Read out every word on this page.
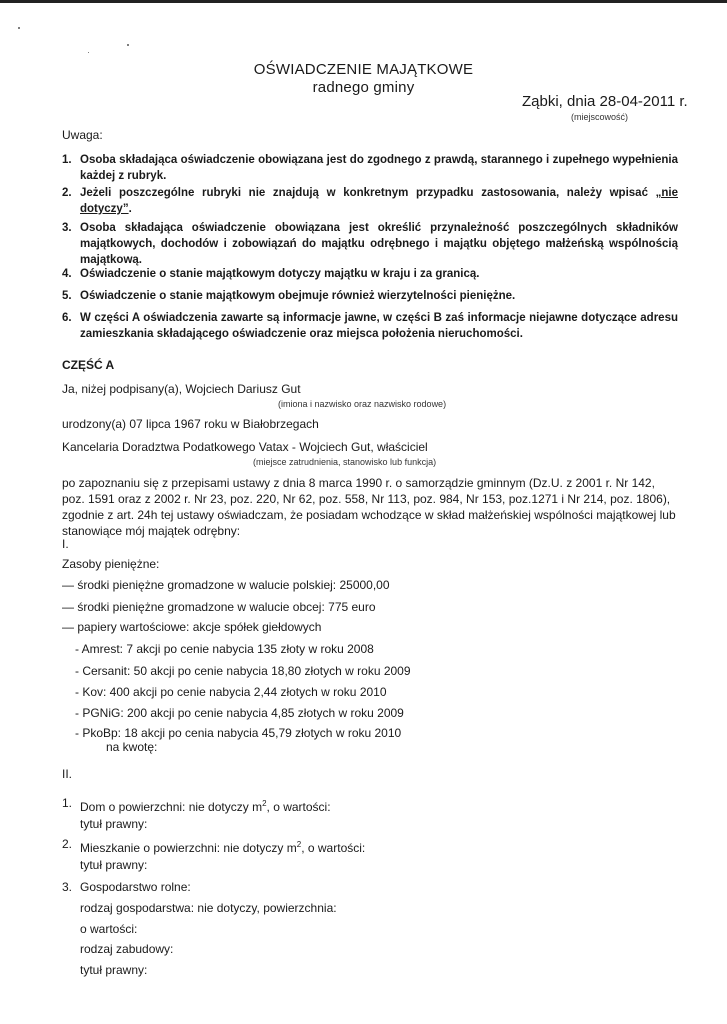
OŚWIADCZENIE MAJĄTKOWE
radnego gminy
Ząbki, dnia 28-04-2011 r.
(miejscowość)
Uwaga:
1. Osoba składająca oświadczenie obowiązana jest do zgodnego z prawdą, starannego i zupełnego wypełnienia każdej z rubryk.
2. Jeżeli poszczególne rubryki nie znajdują w konkretnym przypadku zastosowania, należy wpisać „nie dotyczy”.
3. Osoba składająca oświadczenie obowiązana jest określić przynależność poszczególnych składników majątkowych, dochodów i zobowiązań do majątku odrębnego i majątku objętego małżeńską wspólnością majątkową.
4. Oświadczenie o stanie majątkowym dotyczy majątku w kraju i za granicą.
5. Oświadczenie o stanie majątkowym obejmuje również wierzytelności pieniężne.
6. W części A oświadczenia zawarte są informacje jawne, w części B zaś informacje niejawne dotyczące adresu zamieszkania składającego oświadczenie oraz miejsca położenia nieruchomości.
CZĘŚĆ A
Ja, niżej podpisany(a), Wojciech Dariusz Gut
(imiona i nazwisko oraz nazwisko rodowe)
urodzony(a) 07 lipca 1967 roku w Białobrzegach
Kancelaria Doradztwa Podatkowego Vatax - Wojciech Gut, właściciel
(miejsce zatrudnienia, stanowisko lub funkcja)
po zapoznaniu się z przepisami ustawy z dnia 8 marca 1990 r. o samorządzie gminnym (Dz.U. z 2001 r. Nr 142, poz. 1591 oraz z 2002 r. Nr 23, poz. 220, Nr 62, poz. 558, Nr 113, poz. 984, Nr 153, poz.1271 i Nr 214, poz. 1806), zgodnie z art. 24h tej ustawy oświadczam, że posiadam wchodzące w skład małżeńskiej wspólności majątkowej lub stanowiące mój majątek odrębny:
I.
Zasoby pieniężne:
— środki pieniężne gromadzone w walucie polskiej: 25000,00
— środki pieniężne gromadzone w walucie obcej: 775 euro
— papiery wartościowe: akcje spółek giełdowych
- Amrest: 7 akcji po cenie nabycia 135 złoty w roku 2008
- Cersanit: 50 akcji po cenie nabycia 18,80 złotych w roku 2009
- Kov: 400 akcji po cenie nabycia 2,44 złotych w roku 2010
- PGNiG: 200 akcji po cenie nabycia 4,85 złotych w roku 2009
- PkoBp: 18 akcji po cenia nabycia 45,79 złotych w roku 2010
na kwotę:
II.
1. Dom o powierzchni: nie dotyczy $m^2$, o wartości:
tytuł prawny:
2. Mieszkanie o powierzchni: nie dotyczy $m^2$, o wartości:
tytuł prawny:
3. Gospodarstwo rolne:
rodzaj gospodarstwa: nie dotyczy, powierzchnia:
o wartości:
rodzaj zabudowy:
tytuł prawny:
